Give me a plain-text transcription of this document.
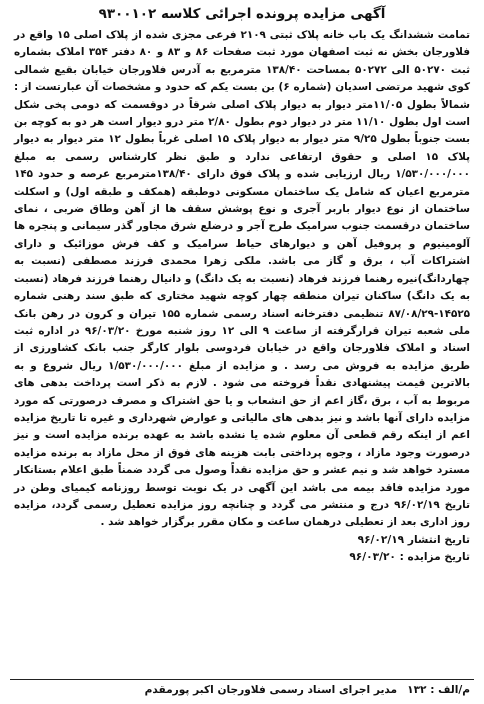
آگهی مزایده پرونده اجرائی کلاسه ۹۳۰۰۱۰۲

تمامت ششدانگ یک باب خانه پلاک ثبتی ۲۱۰۹ فرعی مجزی شده از پلاک اصلی ۱۵ واقع در فلاورجان بخش نه ثبت اصفهان مورد ثبت صفحات ۸۶ و ۸۳ و ۸۰ دفتر ۳۵۴ املاک بشماره ثبت ۵۰۲۷۰ الی ۵۰۲۷۲ بمساحت ۱۳۸/۴۰ مترمربع به آدرس فلاورجان خیابان بقیع شمالی کوی شهید مرتضی اسدیان (شماره ۶) بن بست یکم که حدود و مشخصات آن عبارتست از : شمالاً بطول ۱۱/۰۵متر دیوار به دیوار پلاک اصلی شرقاً در دوقسمت که دومی پخی شکل است اول بطول ۱۱/۱۰ متر در دیوار دوم بطول ۲/۸۰ متر درو دیوار است هر دو به کوچه بن بست جنوباً بطول ۹/۲۵ متر دیوار به دیوار پلاک ۱۵ اصلی غرباً بطول ۱۲ متر دیوار به دیوار پلاک ۱۵ اصلی و حقوق ارتفاعی ندارد و طبق نظر کارشناس رسمی به مبلغ ۱/۵۳۰/۰۰۰/۰۰۰ ریال ارزیابی شده و پلاک فوق دارای ۱۳۸/۴۰مترمربع عرصه و حدود ۱۴۵ مترمربع اعیان که شامل یک ساختمان مسکونی دوطبقه (همکف و طبقه اول) و اسکلت ساختمان از نوع دیوار باربر آجری و نوع پوشش سقف ها از آهن وطاق ضربی ، نمای ساختمان درقسمت جنوب سرامیک طرح آجر و درضلع شرق مجاور گذر سیمانی و پنجره ها آلومینیوم و پروفیل آهن و دیوارهای حیاط سرامیک و کف فرش موزائیک و دارای اشتراکات آب ، برق و گاز می باشد. ملکی زهرا محمدی فرزند مصطفی (نسبت به چهاردانگ)نیره رهنما فرزند فرهاد (نسبت به یک دانگ) و دانیال رهنما فرزند فرهاد (نسبت به یک دانگ) ساکنان تیران منطقه چهار کوچه شهید مختاری که طبق سند رهنی شماره ۱۴۵۲۵-۸۷/۰۸/۲۹ تنظیمی دفترخانه اسناد رسمی شماره ۱۵۵ تیران و کرون در رهن بانک ملی شعبه تیران قرارگرفته از ساعت ۹ الی ۱۲ روز شنبه مورخ ۹۶/۰۳/۲۰ در اداره ثبت اسناد و املاک فلاورجان واقع در خیابان فردوسی بلوار کارگر جنب بانک کشاورزی از طریق مزایده به فروش می رسد . و مزایده از مبلغ ۱/۵۳۰/۰۰۰/۰۰۰ ریال شروع و به بالاترین قیمت پیشنهادی نقداً فروخته می شود . لازم به ذکر است پرداخت بدهی های مربوط به آب ، برق ،گاز اعم از حق انشعاب و یا حق اشتراک و مصرف درصورتی که مورد مزایده دارای آنها باشد و نیز بدهی های مالیاتی و عوارض شهرداری و غیره تا تاریخ مزایده اعم از اینکه رقم قطعی آن معلوم شده یا نشده باشد به عهده برنده مزایده است و نیز درصورت وجود مازاد ، وجوه پرداختی بابت هزینه های فوق از محل مازاد به برنده مزایده مسترد خواهد شد و نیم عشر و حق مزایده نقداً وصول می گردد ضمناً طبق اعلام بستانکار مورد مزایده فاقد بیمه می باشد این آگهی در یک نوبت توسط روزنامه کیمیای وطن در تاریخ ۹۶/۰۲/۱۹ درج و منتشر می گردد و چنانچه روز مزایده تعطیل رسمی گردد، مزایده روز اداری بعد از تعطیلی درهمان ساعت و مکان مقرر برگزار خواهد شد .

تاریخ انتشار ۹۶/۰۲/۱۹

تاریخ مزایده : ۹۶/۰۳/۲۰

م/الف : ۱۳۲
مدیر اجرای اسناد رسمی فلاورجان اکبر پورمقدم
